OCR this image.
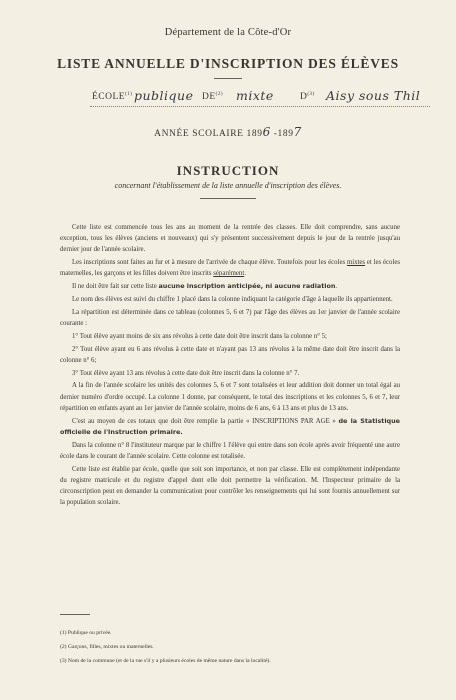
Département de la Côte-d'Or
LISTE ANNUELLE D'INSCRIPTION DES ÉLÈVES
ÉCOLE$^{(1)}$ publique DE$^{(2)}$ mixte	$D^{(3)}$ Aisy sous Thil
ANNÉE SCOLAIRE 1896 -1897
INSTRUCTION
concernant l'établissement de la liste annuelle d'inscription des élèves.

Cette liste est commencée tous les ans au moment de la rentrée des classes. Elle doit comprendre, sans aucune exception, tous les élèves (anciens et nouveaux) qui s'y présentent successivement depuis le jour de la rentrée jusqu'au dernier jour de l'année scolaire.

Les inscriptions sont faites au fur et à mesure de l'arrivée de chaque élève. Toutefois pour les écoles mixtes et les écoles maternelles, les garçons et les filles doivent être inscrits séparément.

Il ne doit être fait sur cette liste aucune inscription anticipée, ni aucune radiation.

Le nom des élèves est suivi du chiffre 1 placé dans la colonne indiquant la catégorie d'âge à laquelle ils appartiennent.

La répartition est déterminée dans ce tableau (colonnes 5, 6 et 7) par l'âge des élèves au 1er janvier de l'année scolaire courante :

1° Tout élève ayant moins de six ans révolus à cette date doit être inscrit dans la colonne n° 5;

2° Tout élève ayant eu 6 ans révolus à cette date et n'ayant pas 13 ans révolus à la même date doit être inscrit dans la colonne n° 6;

3° Tout élève ayant 13 ans révolus à cette date doit être inscrit dans la colonne n° 7.

A la fin de l'année scolaire les unités des colonnes 5, 6 et 7 sont totalisées et leur addition doit donner un total égal au dernier numéro d'ordre occupé. La colonne 1 donne, par conséquent, le total des inscriptions et les colonnes 5, 6 et 7, leur répartition en enfants ayant au 1er janvier de l'année scolaire, moins de 6 ans, 6 à 13 ans et plus de 13 ans.

C'est au moyen de ces totaux que doit être remplie la partie « INSCRIPTIONS PAR AGE » de la Statistique officielle de l'Instruction primaire.

Dans la colonne n° 8 l'instituteur marque par le chiffre 1 l'élève qui entre dans son école après avoir fréquenté une autre école dans le courant de l'année scolaire. Cette colonne est totalisée.

Cette liste est établie par école, quelle que soit son importance, et non par classe. Elle est complètement indépendante du registre matricule et du registre d'appel dont elle doit permettre la vérification. M. l'Inspecteur primaire de la circonscription peut en demander la communication pour contrôler les renseignements qui lui sont fournis annuellement sur la population scolaire.

(1) Publique ou privée.
(2) Garçons, filles, mixtes ou maternelles.
(3) Nom de la commune (et de la rue s'il y a plusieurs écoles de même nature dans la localité).
